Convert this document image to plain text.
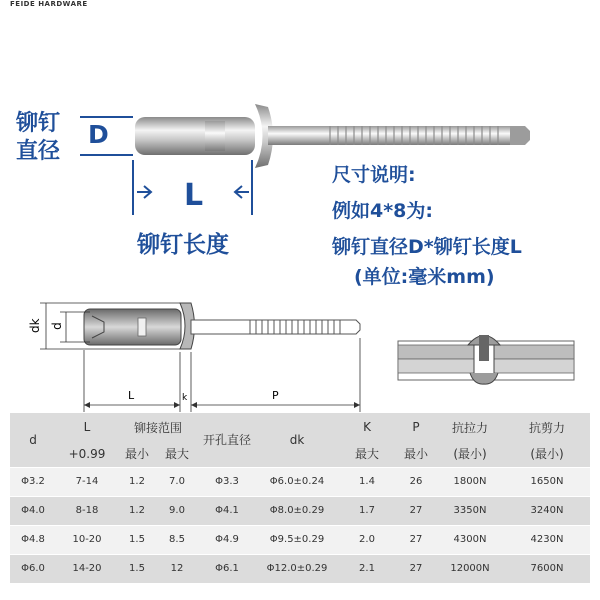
FEIDE HARDWARE
铆钉
直径
D
L
铆钉长度
尺寸说明:
例如4*8为:
铆钉直径D*铆钉长度L
(单位:毫米mm)
dk d
L	k	P
d	L	铆接范围		开孔直径	dk	K	P	抗拉力	抗剪力
	+0.99	最小	最大			最大	最小	(最小)	(最小)
Φ3.2	7-14	1.2	7.0	Φ3.3	Φ6.0±0.24	1.4	26	1800N	1650N
Φ4.0	8-18	1.2	9.0	Φ4.1	Φ8.0±0.29	1.7	27	3350N	3240N
Φ4.8	10-20	1.5	8.5	Φ4.9	Φ9.5±0.29	2.0	27	4300N	4230N
Φ6.0	14-20	1.5	12	Φ6.1	Φ12.0±0.29	2.1	27	12000N	7600N
